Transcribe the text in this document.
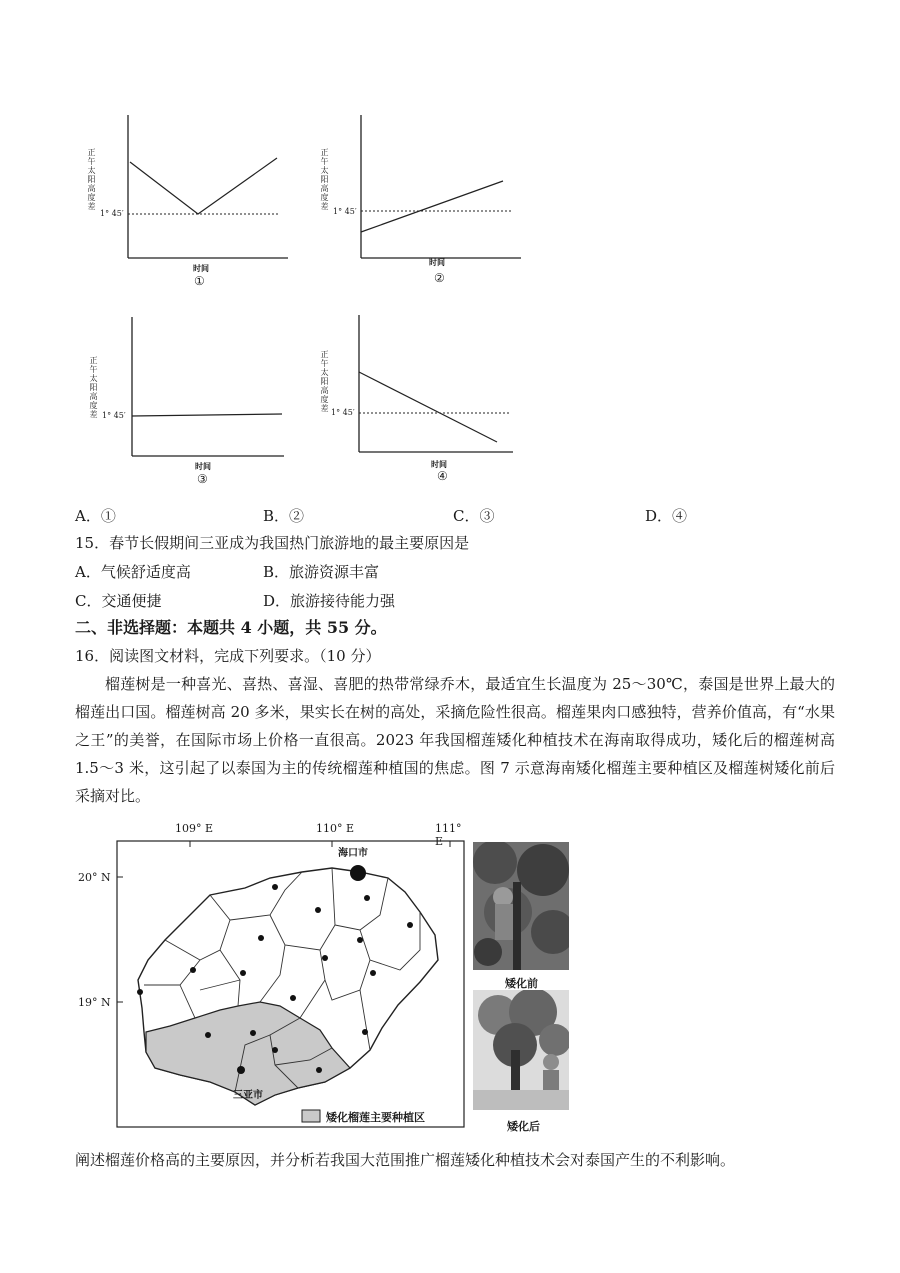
正午太阳高度差
1° 45′
时间
①
正午太阳高度差
1° 45′
时间
②
正午太阳高度差 1° 45′
时间
③
正午太阳高度差 1° 45′
时间
④
A．①	B．②	C．③	D．④
15．春节长假期间三亚成为我国热门旅游地的最主要原因是
A．气候舒适度高	B．旅游资源丰富
C．交通便捷	D．旅游接待能力强
二、非选择题：本题共 4 小题，共 55 分。
16．阅读图文材料，完成下列要求。（10 分）
榴莲树是一种喜光、喜热、喜湿、喜肥的热带常绿乔木，最适宜生长温度为 25～30℃，泰国是世界上最大的榴莲出口国。榴莲树高 20 多米，果实长在树的高处，采摘危险性很高。榴莲果肉口感独特，营养价值高，有“水果之王”的美誉，在国际市场上价格一直很高。2023 年我国榴莲矮化种植技术在海南取得成功，矮化后的榴莲树高 1.5～3 米，这引起了以泰国为主的传统榴莲种植国的焦虑。图 7 示意海南矮化榴莲主要种植区及榴莲树矮化前后采摘对比。
109° E	110° E	111° E
20° N
19° N
海口市
三亚市
矮化榴莲主要种植区
矮化前
矮化后
阐述榴莲价格高的主要原因，并分析若我国大范围推广榴莲矮化种植技术会对泰国产生的不利影响。
